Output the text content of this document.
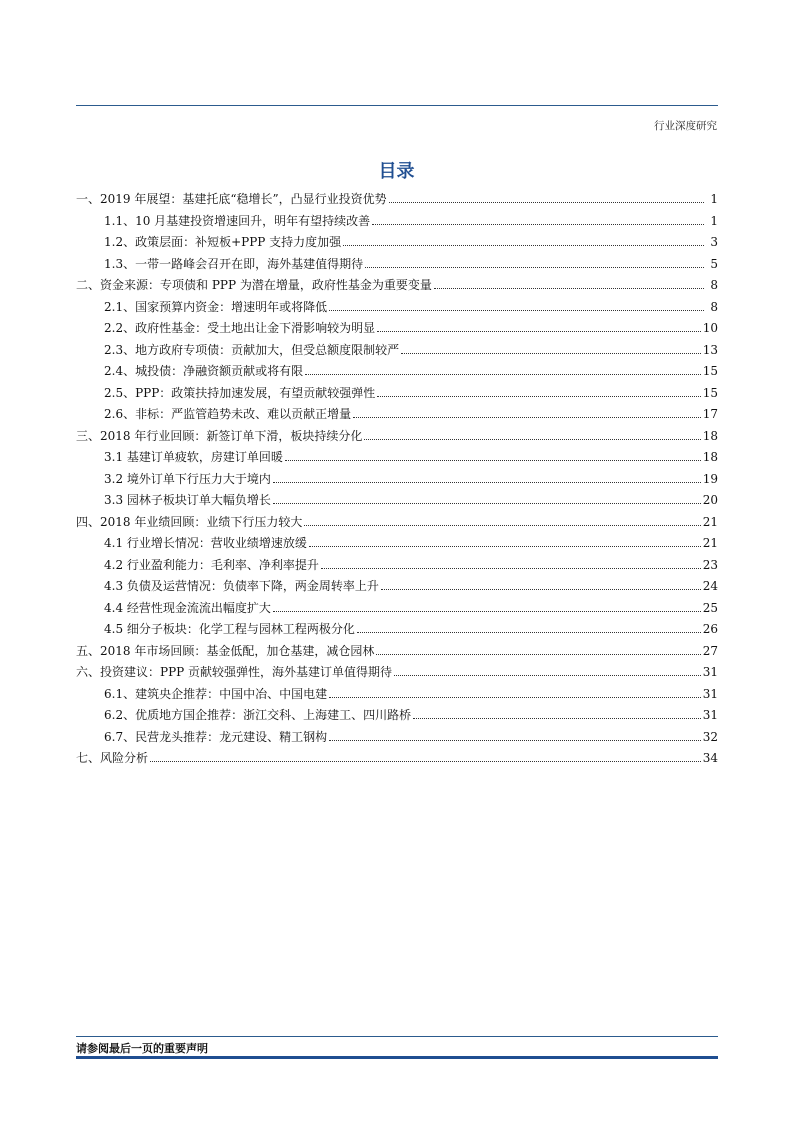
行业深度研究
目录
一、2019 年展望：基建托底“稳增长”，凸显行业投资优势	1
1.1、10 月基建投资增速回升，明年有望持续改善	1
1.2、政策层面：补短板+PPP 支持力度加强	3
1.3、一带一路峰会召开在即，海外基建值得期待	5
二、资金来源：专项债和 PPP 为潜在增量，政府性基金为重要变量	8
2.1、国家预算内资金：增速明年或将降低	8
2.2、政府性基金：受土地出让金下滑影响较为明显	10
2.3、地方政府专项债：贡献加大，但受总额度限制较严	13
2.4、城投债：净融资额贡献或将有限	15
2.5、PPP：政策扶持加速发展，有望贡献较强弹性	15
2.6、非标：严监管趋势未改、难以贡献正增量	17
三、2018 年行业回顾：新签订单下滑，板块持续分化	18
3.1 基建订单疲软，房建订单回暖	18
3.2 境外订单下行压力大于境内	19
3.3 园林子板块订单大幅负增长	20
四、2018 年业绩回顾：业绩下行压力较大	21
4.1 行业增长情况：营收业绩增速放缓	21
4.2 行业盈利能力：毛利率、净利率提升	23
4.3 负债及运营情况：负债率下降，两金周转率上升	24
4.4 经营性现金流流出幅度扩大	25
4.5 细分子板块：化学工程与园林工程两极分化	26
五、2018 年市场回顾：基金低配，加仓基建，减仓园林	27
六、投资建议：PPP 贡献较强弹性，海外基建订单值得期待	31
6.1、建筑央企推荐：中国中冶、中国电建	31
6.2、优质地方国企推荐：浙江交科、上海建工、四川路桥	31
6.7、民营龙头推荐：龙元建设、精工钢构	32
七、风险分析	34
请参阅最后一页的重要声明
